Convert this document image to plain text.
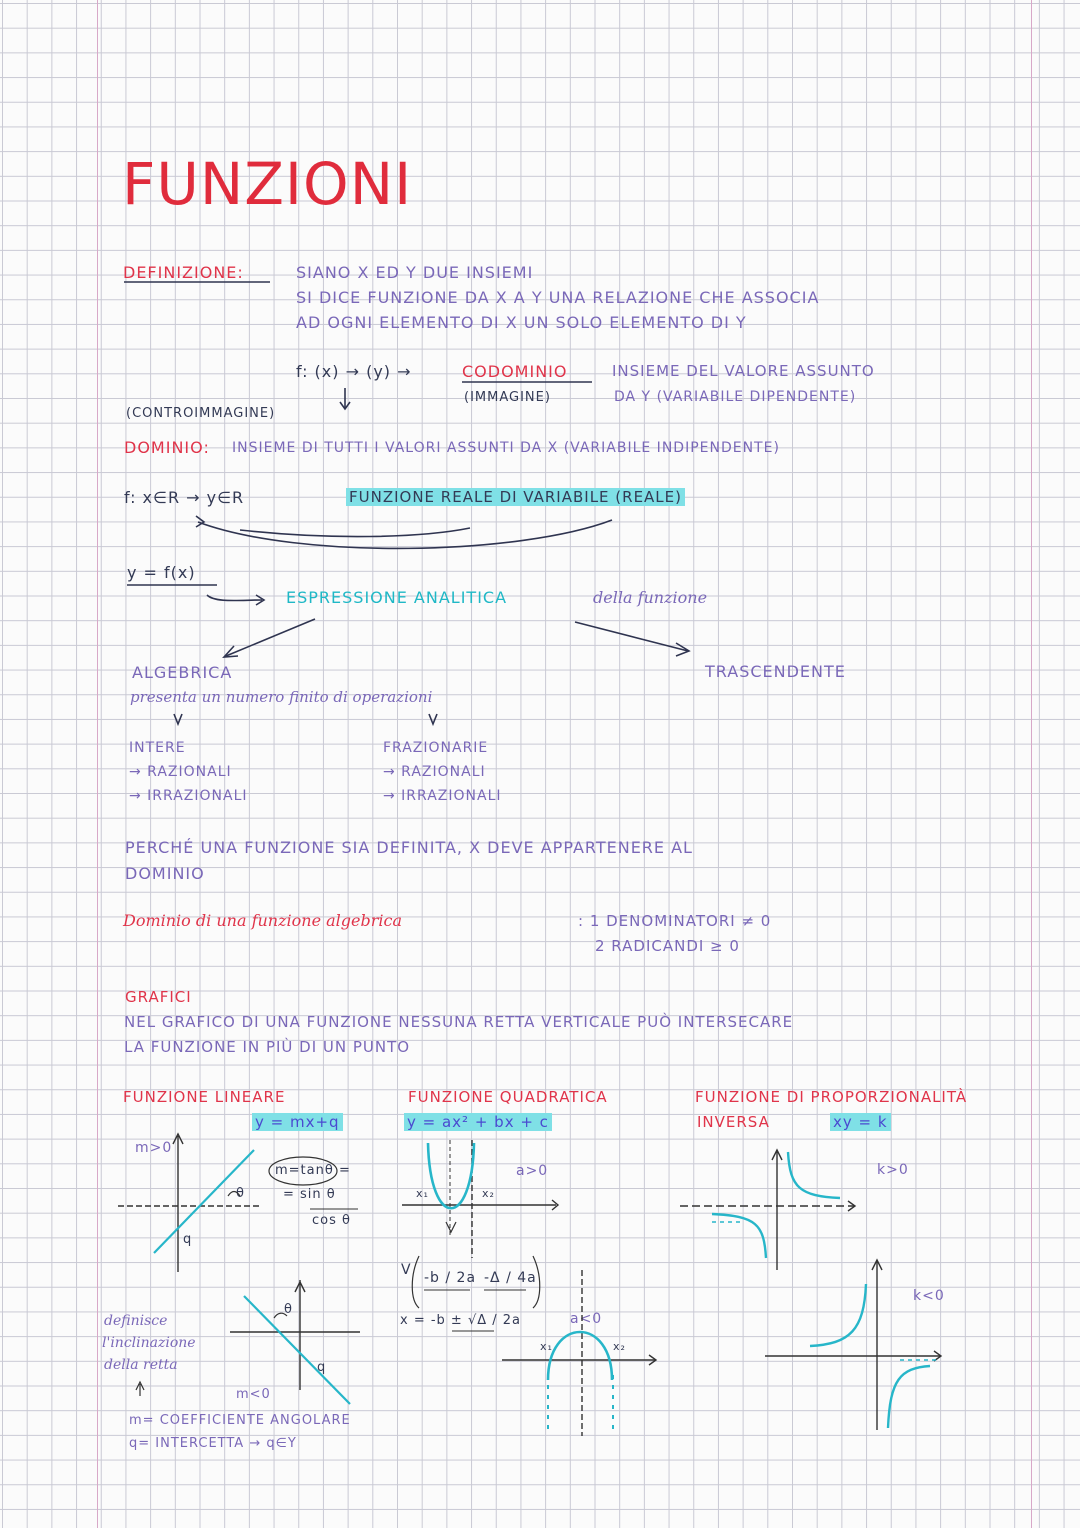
FUNZIONI
DEFINIZIONE:	SIANO X ED Y DUE INSIEMI
SI DICE FUNZIONE DA X A Y UNA RELAZIONE CHE ASSOCIA
AD OGNI ELEMENTO DI X UN SOLO ELEMENTO DI Y
f: (x) → (y) →	CODOMINIO	INSIEME DEL VALORE ASSUNTO
(IMMAGINE)	DA Y (VARIABILE DIPENDENTE)
(CONTROIMMAGINE)
DOMINIO: INSIEME DI TUTTI I VALORI ASSUNTI DA X (VARIABILE INDIPENDENTE)
f: x∈R → y∈R	FUNZIONE REALE DI VARIABILE (REALE)
y = f(x)
ESPRESSIONE ANALITICA	della funzione
ALGEBRICA
presenta un numero finito di operazioni
TRASCENDENTE
INTERE
→ RAZIONALI
→ IRRAZIONALI
FRAZIONARIE
→ RAZIONALI
→ IRRAZIONALI
PERCHÉ UNA FUNZIONE SIA DEFINITA, X DEVE APPARTENERE AL
DOMINIO
Dominio di una funzione algebrica	: 1 DENOMINATORI ≠ 0
2 RADICANDI ≥ 0
GRAFICI
NEL GRAFICO DI UNA FUNZIONE NESSUNA RETTA VERTICALE PUÒ INTERSECARE
LA FUNZIONE IN PIÙ DI UN PUNTO
FUNZIONE LINEARE
y = mx+q
m>0
m=tanθ =
= sin θ
cos θ
θ
q
θ
q
m<0
definisce
l'inclinazione
della retta
m= COEFFICIENTE ANGOLARE
q= INTERCETTA → q∈Y
FUNZIONE QUADRATICA
y = ax² + bx + c
a>0
x₁	x₂
V -b / 2a -Δ / 4a
x = -b ± √Δ / 2a	a<0
x₁	x₂
FUNZIONE DI PROPORZIONALITÀ
INVERSA	xy = k
k>0
k<0
